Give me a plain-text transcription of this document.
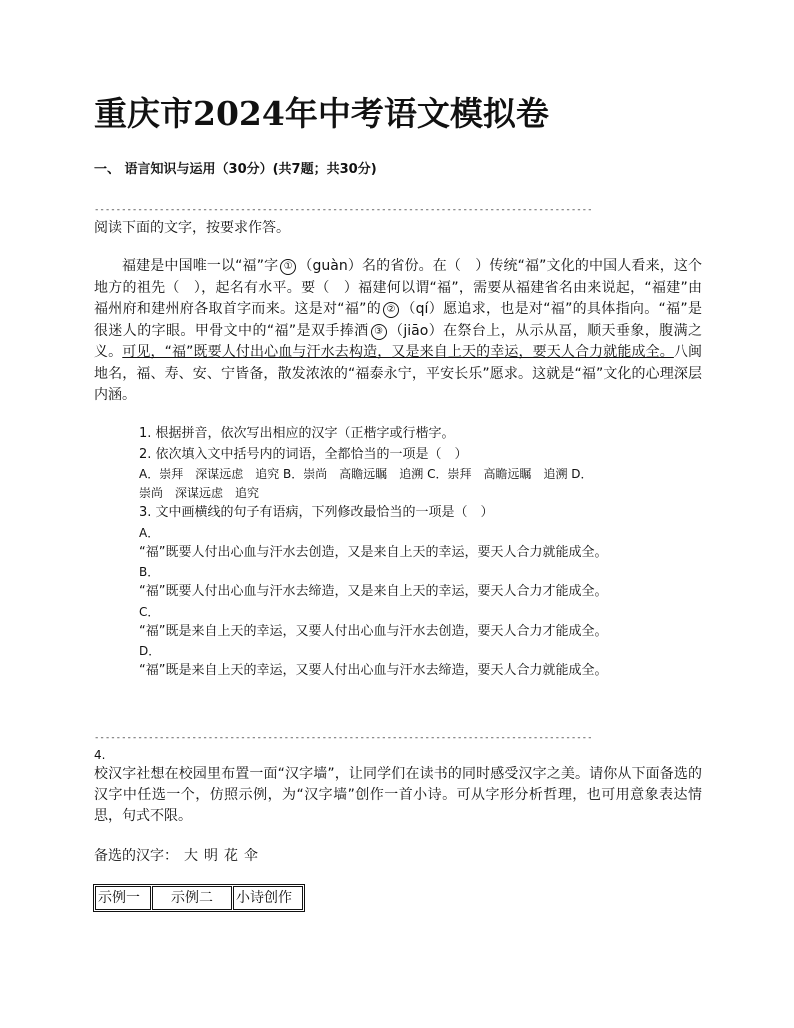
重庆市2024年中考语文模拟卷
一、 语言知识与运用（30分）(共7题；共30分)
--------------------------------------------------------------------------------------------
阅读下面的文字，按要求作答。

福建是中国唯一以“福”字 ① （guàn）名的省份。在（　）传统“福”文化的中国人看来，这个地方的祖先（　），起名有水平。要（　）福建何以谓“福”，需要从福建省名由来说起，“福建”由福州府和建州府各取首字而来。这是对“福”的 ② （qí）愿追求，也是对“福”的具体指向。“福”是很迷人的字眼。甲骨文中的“福”是双手捧酒 ③ （jiāo）在祭台上，从示从畐，顺天垂象，腹满之义。可见，“福”既要人付出心血与汗水去构造，又是来自上天的幸运，要天人合力就能成全。八闽地名，福、寿、安、宁皆备，散发浓浓的“福泰永宁，平安长乐”愿求。这就是“福”文化的心理深层内涵。

1. 根据拼音，依次写出相应的汉字（正楷字或行楷字。
2. 依次填入文中括号内的词语，全都恰当的一项是（　）
A．崇拜　深谋远虑　追究 B．崇尚　高瞻远瞩　追溯 C．崇拜　高瞻远瞩　追溯 D．
崇尚　深谋远虑　追究
3. 文中画横线的句子有语病，下列修改最恰当的一项是（　）
A．
“福”既要人付出心血与汗水去创造，又是来自上天的幸运，要天人合力就能成全。
B．
“福”既要人付出心血与汗水去缔造，又是来自上天的幸运，要天人合力才能成全。
C．
“福”既是来自上天的幸运，又要人付出心血与汗水去创造，要天人合力才能成全。
D．
“福”既是来自上天的幸运，又要人付出心血与汗水去缔造，要天人合力就能成全。
--------------------------------------------------------------------------------------------
4.
校汉字社想在校园里布置一面“汉字墙”，让同学们在读书的同时感受汉字之美。请你从下面备选的汉字中任选一个，仿照示例，为“汉字墙”创作一首小诗。可从字形分析哲理，也可用意象表达情思，句式不限。
备选的汉字： 大 明 花 伞
示例一	示例二	小诗创作
